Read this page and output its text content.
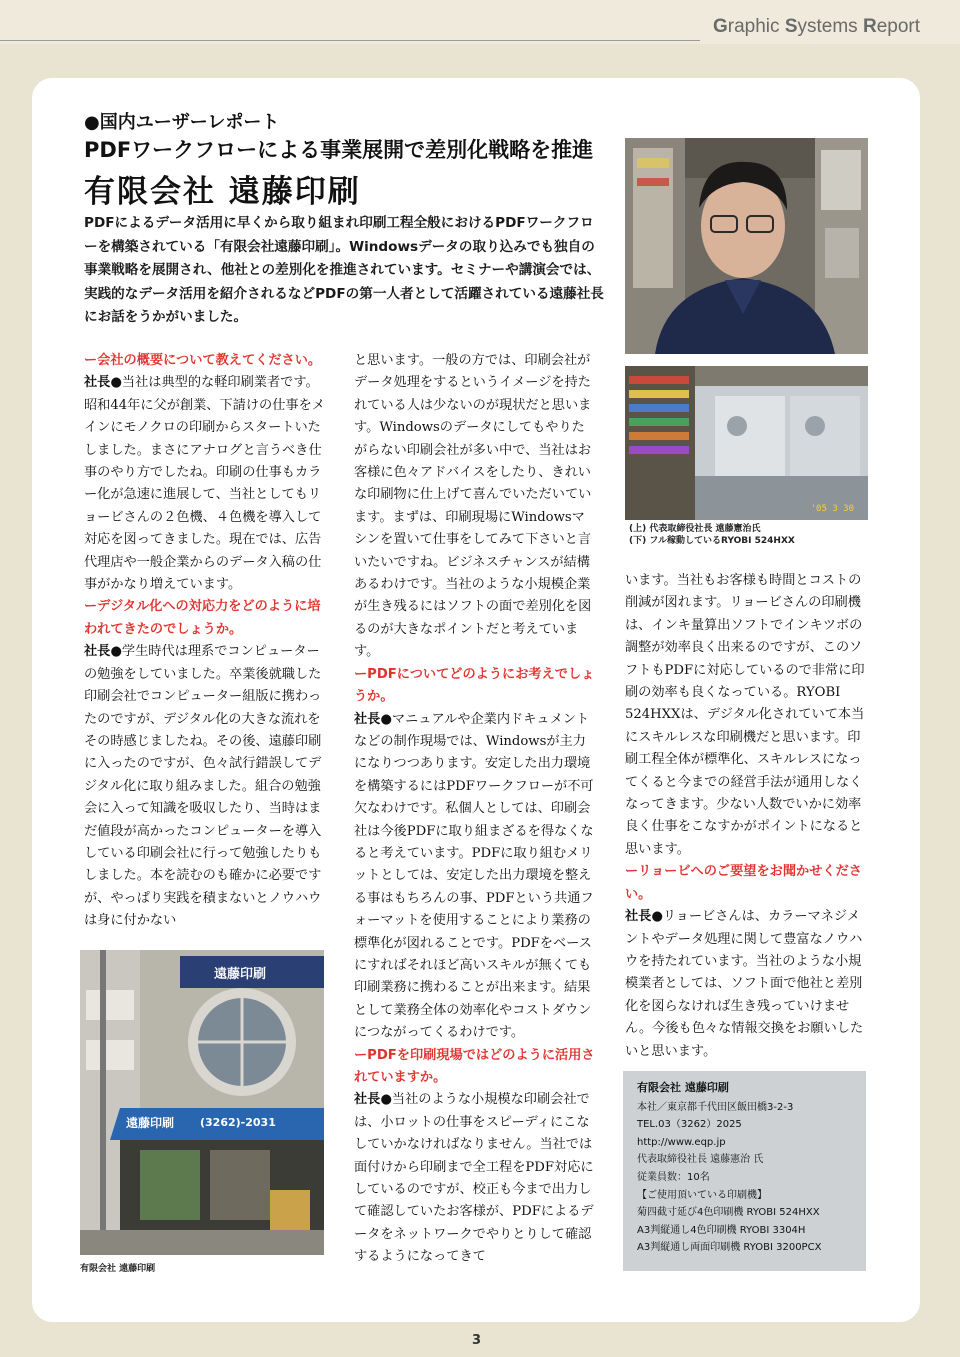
Graphic Systems Report
●国内ユーザーレポート
PDFワークフローによる事業展開で差別化戦略を推進
有限会社 遠藤印刷
PDFによるデータ活用に早くから取り組まれ印刷工程全般におけるPDFワークフローを構築されている「有限会社遠藤印刷」。Windowsデータの取り込みでも独自の事業戦略を展開され、他社との差別化を推進されています。セミナーや講演会では、実践的なデータ活用を紹介されるなどPDFの第一人者として活躍されている遠藤社長にお話をうかがいました。

ー会社の概要について教えてください。

社長●当社は典型的な軽印刷業者です。昭和44年に父が創業、下請けの仕事をメインにモノクロの印刷からスタートいたしました。まさにアナログと言うべき仕事のやり方でしたね。印刷の仕事もカラー化が急速に進展して、当社としてもリョービさんの２色機、４色機を導入して対応を図ってきました。現在では、広告代理店や一般企業からのデータ入稿の仕事がかなり増えています。

ーデジタル化への対応力をどのように培われてきたのでしょうか。

社長●学生時代は理系でコンピューターの勉強をしていました。卒業後就職した印刷会社でコンピューター組版に携わったのですが、デジタル化の大きな流れをその時感じましたね。その後、遠藤印刷に入ったのですが、色々試行錯誤してデジタル化に取り組みました。組合の勉強会に入って知識を吸収したり、当時はまだ値段が高かったコンピューターを導入している印刷会社に行って勉強したりもしました。本を読むのも確かに必要ですが、やっぱり実践を積まないとノウハウは身に付かない

と思います。一般の方では、印刷会社がデータ処理をするというイメージを持たれている人は少ないのが現状だと思います。Windowsのデータにしてもやりたがらない印刷会社が多い中で、当社はお客様に色々アドバイスをしたり、きれいな印刷物に仕上げて喜んでいただいています。まずは、印刷現場にWindowsマシンを置いて仕事をしてみて下さいと言いたいですね。ビジネスチャンスが結構あるわけです。当社のような小規模企業が生き残るにはソフトの面で差別化を図るのが大きなポイントだと考えています。

ーPDFについてどのようにお考えでしょうか。

社長●マニュアルや企業内ドキュメントなどの制作現場では、Windowsが主力になりつつあります。安定した出力環境を構築するにはPDFワークフローが不可欠なわけです。私個人としては、印刷会社は今後PDFに取り組まざるを得なくなると考えています。PDFに取り組むメリットとしては、安定した出力環境を整える事はもちろんの事、PDFという共通フォーマットを使用することにより業務の標準化が図れることです。PDFをベースにすればそれほど高いスキルが無くても印刷業務に携わることが出来ます。結果として業務全体の効率化やコストダウンにつながってくるわけです。

ーPDFを印刷現場ではどのように活用されていますか。

社長●当社のような小規模な印刷会社では、小ロットの仕事をスピーディにこなしていかなければなりません。当社では面付けから印刷まで全工程をPDF対応にしているのですが、校正も今まで出力して確認していたお客様が、PDFによるデータをネットワークでやりとりして確認するようになってきて

います。当社もお客様も時間とコストの削減が図れます。リョービさんの印刷機は、インキ量算出ソフトでインキツボの調整が効率良く出来るのですが、このソフトもPDFに対応しているので非常に印刷の効率も良くなっている。RYOBI 524HXXは、デジタル化されていて本当にスキルレスな印刷機だと思います。印刷工程全体が標準化、スキルレスになってくると今までの経営手法が通用しなくなってきます。少ない人数でいかに効率良く仕事をこなすかがポイントになると思います。

ーリョービへのご要望をお聞かせください。

社長●リョービさんは、カラーマネジメントやデータ処理に関して豊富なノウハウを持たれています。当社のような小規模業者としては、ソフト面で他社と差別化を図らなければ生き残っていけません。今後も色々な情報交換をお願いしたいと思います。

'05 3 30
(上) 代表取締役社長 遠藤憲治氏
(下) フル稼動しているRYOBI 524HXX
遠藤印刷
遠藤印刷 (3262)-2031
有限会社 遠藤印刷
有限会社 遠藤印刷
本社／東京都千代田区飯田橋3-2-3
TEL.03（3262）2025
http://www.eqp.jp
代表取締役社長 遠藤憲治 氏
従業員数：10名
【ご使用頂いている印刷機】
菊四截寸延び4色印刷機 RYOBI 524HXX
A3判縦通し4色印刷機 RYOBI 3304H
A3判縦通し両面印刷機 RYOBI 3200PCX
3
